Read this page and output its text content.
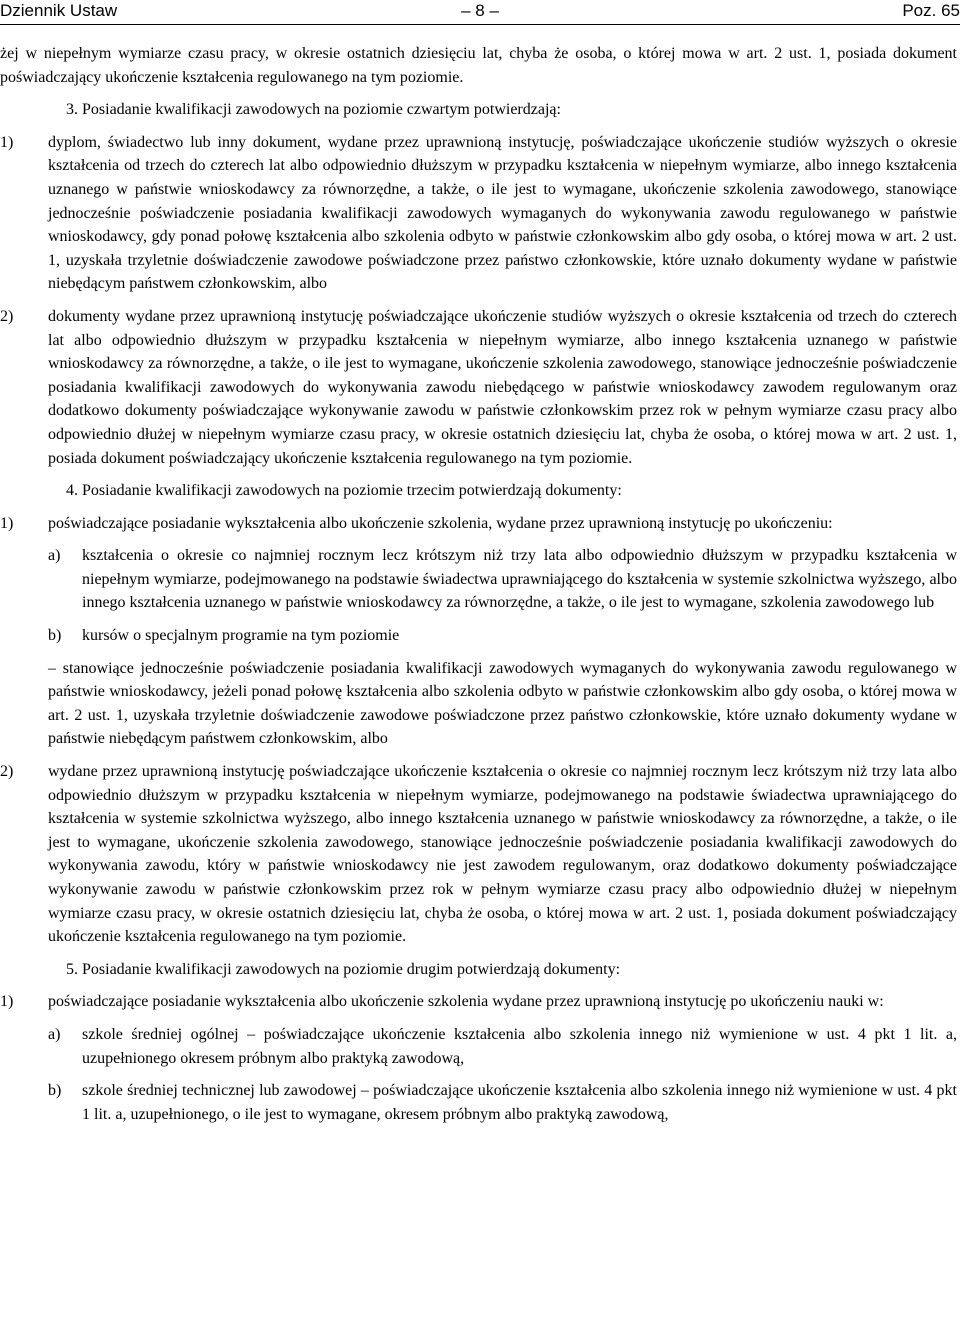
Dziennik Ustaw	– 8 –	Poz. 65

żej w niepełnym wymiarze czasu pracy, w okresie ostatnich dziesięciu lat, chyba że osoba, o której mowa w art. 2 ust. 1, posiada dokument poświadczający ukończenie kształcenia regulowanego na tym poziomie.

3. Posiadanie kwalifikacji zawodowych na poziomie czwartym potwierdzają:

1) dyplom, świadectwo lub inny dokument, wydane przez uprawnioną instytucję, poświadczające ukończenie studiów wyższych o okresie kształcenia od trzech do czterech lat albo odpowiednio dłuższym w przypadku kształcenia w niepełnym wymiarze, albo innego kształcenia uznanego w państwie wnioskodawcy za równorzędne, a także, o ile jest to wymagane, ukończenie szkolenia zawodowego, stanowiące jednocześnie poświadczenie posiadania kwalifikacji zawodowych wymaganych do wykonywania zawodu regulowanego w państwie wnioskodawcy, gdy ponad połowę kształcenia albo szkolenia odbyto w państwie członkowskim albo gdy osoba, o której mowa w art. 2 ust. 1, uzyskała trzyletnie doświadczenie zawodowe poświadczone przez państwo członkowskie, które uznało dokumenty wydane w państwie niebędącym państwem członkowskim, albo
2) dokumenty wydane przez uprawnioną instytucję poświadczające ukończenie studiów wyższych o okresie kształcenia od trzech do czterech lat albo odpowiednio dłuższym w przypadku kształcenia w niepełnym wymiarze, albo innego kształcenia uznanego w państwie wnioskodawcy za równorzędne, a także, o ile jest to wymagane, ukończenie szkolenia zawodowego, stanowiące jednocześnie poświadczenie posiadania kwalifikacji zawodowych do wykonywania zawodu niebędącego w państwie wnioskodawcy zawodem regulowanym oraz dodatkowo dokumenty poświadczające wykonywanie zawodu w państwie członkowskim przez rok w pełnym wymiarze czasu pracy albo odpowiednio dłużej w niepełnym wymiarze czasu pracy, w okresie ostatnich dziesięciu lat, chyba że osoba, o której mowa w art. 2 ust. 1, posiada dokument poświadczający ukończenie kształcenia regulowanego na tym poziomie.

4. Posiadanie kwalifikacji zawodowych na poziomie trzecim potwierdzają dokumenty:

1) poświadczające posiadanie wykształcenia albo ukończenie szkolenia, wydane przez uprawnioną instytucję po ukończeniu:
a) kształcenia o okresie co najmniej rocznym lecz krótszym niż trzy lata albo odpowiednio dłuższym w przypadku kształcenia w niepełnym wymiarze, podejmowanego na podstawie świadectwa uprawniającego do kształcenia w systemie szkolnictwa wyższego, albo innego kształcenia uznanego w państwie wnioskodawcy za równorzędne, a także, o ile jest to wymagane, szkolenia zawodowego lub
b) kursów o specjalnym programie na tym poziomie
– stanowiące jednocześnie poświadczenie posiadania kwalifikacji zawodowych wymaganych do wykonywania zawodu regulowanego w państwie wnioskodawcy, jeżeli ponad połowę kształcenia albo szkolenia odbyto w państwie członkowskim albo gdy osoba, o której mowa w art. 2 ust. 1, uzyskała trzyletnie doświadczenie zawodowe poświadczone przez państwo członkowskie, które uznało dokumenty wydane w państwie niebędącym państwem członkowskim, albo
2) wydane przez uprawnioną instytucję poświadczające ukończenie kształcenia o okresie co najmniej rocznym lecz krótszym niż trzy lata albo odpowiednio dłuższym w przypadku kształcenia w niepełnym wymiarze, podejmowanego na podstawie świadectwa uprawniającego do kształcenia w systemie szkolnictwa wyższego, albo innego kształcenia uznanego w państwie wnioskodawcy za równorzędne, a także, o ile jest to wymagane, ukończenie szkolenia zawodowego, stanowiące jednocześnie poświadczenie posiadania kwalifikacji zawodowych do wykonywania zawodu, który w państwie wnioskodawcy nie jest zawodem regulowanym, oraz dodatkowo dokumenty poświadczające wykonywanie zawodu w państwie członkowskim przez rok w pełnym wymiarze czasu pracy albo odpowiednio dłużej w niepełnym wymiarze czasu pracy, w okresie ostatnich dziesięciu lat, chyba że osoba, o której mowa w art. 2 ust. 1, posiada dokument poświadczający ukończenie kształcenia regulowanego na tym poziomie.

5. Posiadanie kwalifikacji zawodowych na poziomie drugim potwierdzają dokumenty:

1) poświadczające posiadanie wykształcenia albo ukończenie szkolenia wydane przez uprawnioną instytucję po ukończeniu nauki w:
a) szkole średniej ogólnej – poświadczające ukończenie kształcenia albo szkolenia innego niż wymienione w ust. 4 pkt 1 lit. a, uzupełnionego okresem próbnym albo praktyką zawodową,
b) szkole średniej technicznej lub zawodowej – poświadczające ukończenie kształcenia albo szkolenia innego niż wymienione w ust. 4 pkt 1 lit. a, uzupełnionego, o ile jest to wymagane, okresem próbnym albo praktyką zawodową,
